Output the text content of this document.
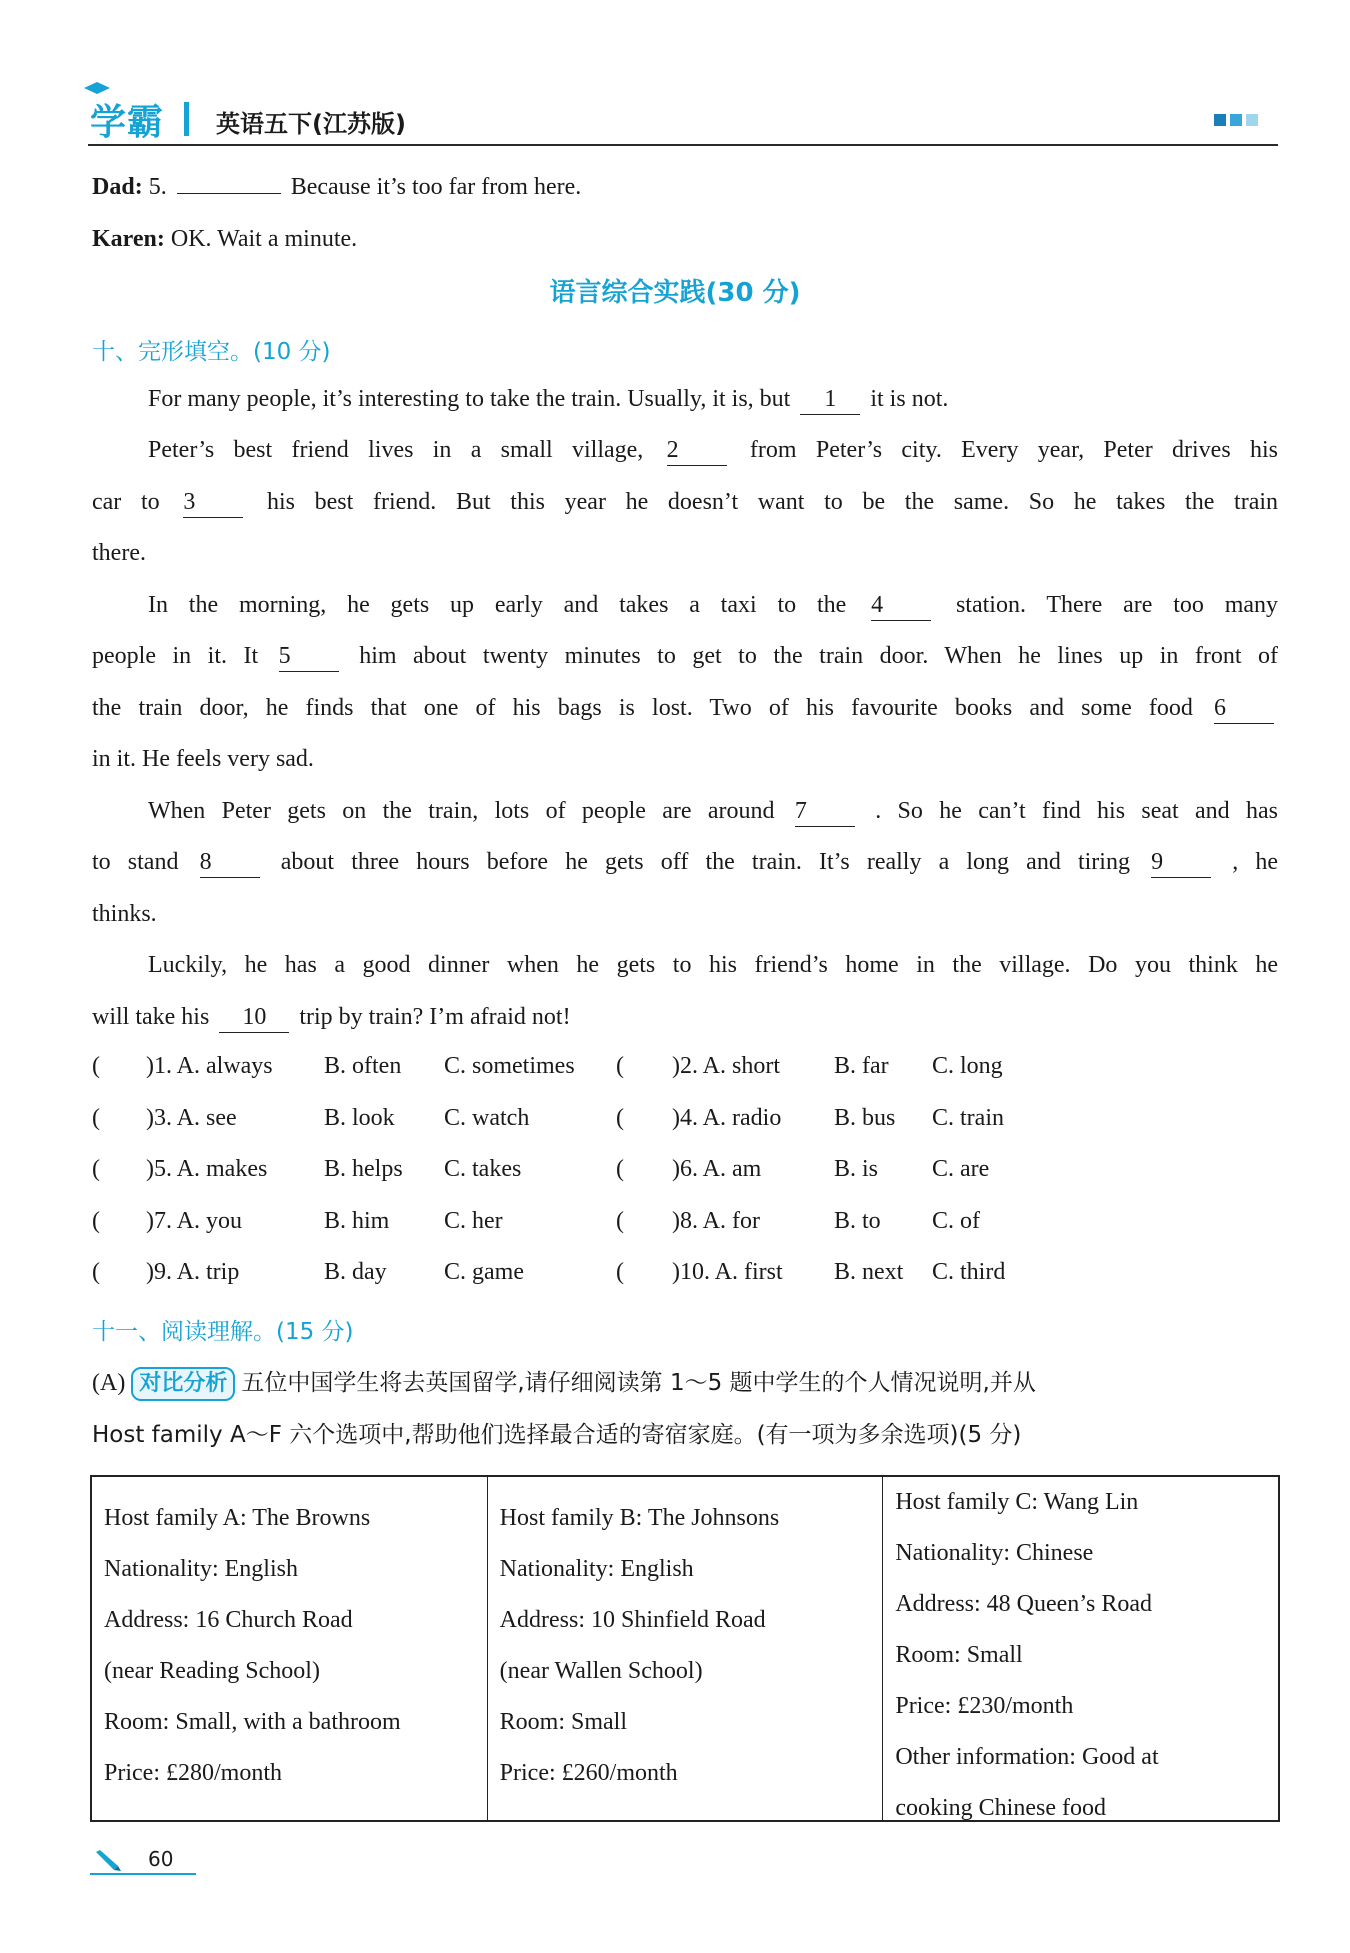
学霸 英语五下(江苏版)
Dad: 5.	Because it’s too far from here.
Karen: OK. Wait a minute.
语言综合实践(30 分)
十、完形填空。(10 分)
For many people, it’s interesting to take the train. Usually, it is, but 1 it is not.
Peter’s best friend lives in a small village, 2	from Peter’s city. Every year, Peter drives his
car to 3	his best friend. But this year he doesn’t want to be the same. So he takes the train
there.
In the morning, he gets up early and takes a taxi to the 4	station. There are too many
people in it. It 5	him about twenty minutes to get to the train door. When he lines up in front of
the train door, he finds that one of his bags is lost. Two of his favourite books and some food 6
in it. He feels very sad.
When Peter gets on the train, lots of people are around 7	. So he can’t find his seat and has
to stand 8	about three hours before he gets off the train. It’s really a long and tiring 9	, he
thinks.
Luckily, he has a good dinner when he gets to his friend’s home in the village. Do you think he
will take his 10 trip by train? I’m afraid not!
( )1. A. always B. often C. sometimes ( )2. A. short B. far C. long
( )3. A. see	B. look C. watch	( )4. A. radio B. bus C. train
( )5. A. makes B. helps C. takes	( )6. A. am	B. is C. are
( )7. A. you	B. him C. her	( )8. A. for	B. to C. of
( )9. A. trip	B. day C. game	( )10. A. first B. next C. third
十一、阅读理解。(15 分)
(A) 对比分析 五位中国学生将去英国留学,请仔细阅读第 1～5 题中学生的个人情况说明,并从
Host family A～F 六个选项中,帮助他们选择最合适的寄宿家庭。(有一项为多余选项)(5 分)
Host family A: The Browns
Nationality: English
Address: 16 Church Road
(near Reading School)
Room: Small, with a bathroom
Price: £280/month
Host family B: The Johnsons
Nationality: English
Address: 10 Shinfield Road
(near Wallen School)
Room: Small
Price: £260/month
Host family C: Wang Lin
Nationality: Chinese
Address: 48 Queen’s Road
Room: Small
Price: £230/month
Other information: Good at
cooking Chinese food
60
